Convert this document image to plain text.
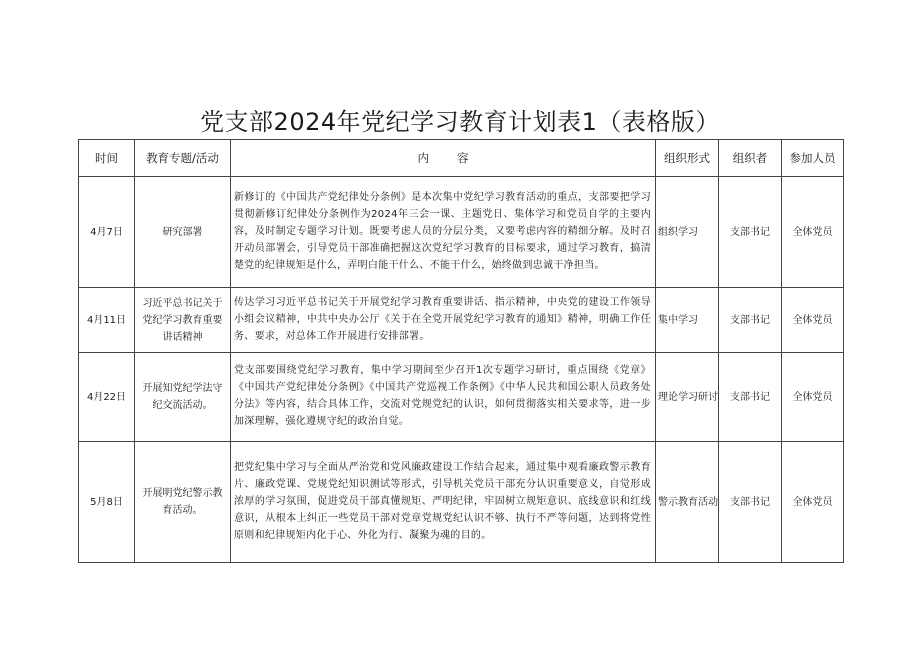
党支部2024年党纪学习教育计划表1（表格版）
时间	教育专题/活动	内容	组织形式	组织者	参加人员
4月7日	研究部署	新修订的《中国共产党纪律处分条例》是本次集中党纪学习教育活动的重点，支部要把学习贯彻新修订纪律处分条例作为2024年三会一课、主题党日、集体学习和党员自学的主要内容，及时制定专题学习计划。既要考虑人员的分层分类，又要考虑内容的精细分解。及时召开动员部署会，引导党员干部准确把握这次党纪学习教育的目标要求，通过学习教育，搞清楚党的纪律规矩是什么，弄明白能干什么、不能干什么，始终做到忠诚干净担当。	组织学习	支部书记	全体党员
4月11日	习近平总书记关于党纪学习教育重要讲话精神	传达学习习近平总书记关于开展党纪学习教育重要讲话、指示精神，中央党的建设工作领导小组会议精神，中共中央办公厅《关于在全党开展党纪学习教育的通知》精神，明确工作任务、要求，对总体工作开展进行安排部署。	集中学习	支部书记	全体党员
4月22日	开展知党纪学法守纪交流活动。	党支部要围绕党纪学习教育，集中学习期间至少召开1次专题学习研讨，重点围绕《党章》《中国共产党纪律处分条例》《中国共产党巡视工作条例》《中华人民共和国公职人员政务处分法》等内容，结合具体工作，交流对党规党纪的认识，如何贯彻落实相关要求等，进一步加深理解，强化遵规守纪的政治自觉。	理论学习研讨	支部书记	全体党员
5月8日	开展明党纪警示教育活动。	把党纪集中学习与全面从严治党和党风廉政建设工作结合起来，通过集中观看廉政警示教育片、廉政党课、党规党纪知识测试等形式，引导机关党员干部充分认识重要意义，自觉形成浓厚的学习氛围，促进党员干部真懂规矩、严明纪律，牢固树立规矩意识、底线意识和红线意识，从根本上纠正一些党员干部对党章党规党纪认识不够、执行不严等问题，达到将党性原则和纪律规矩内化于心、外化为行、凝聚为魂的目的。	警示教育活动	支部书记	全体党员
